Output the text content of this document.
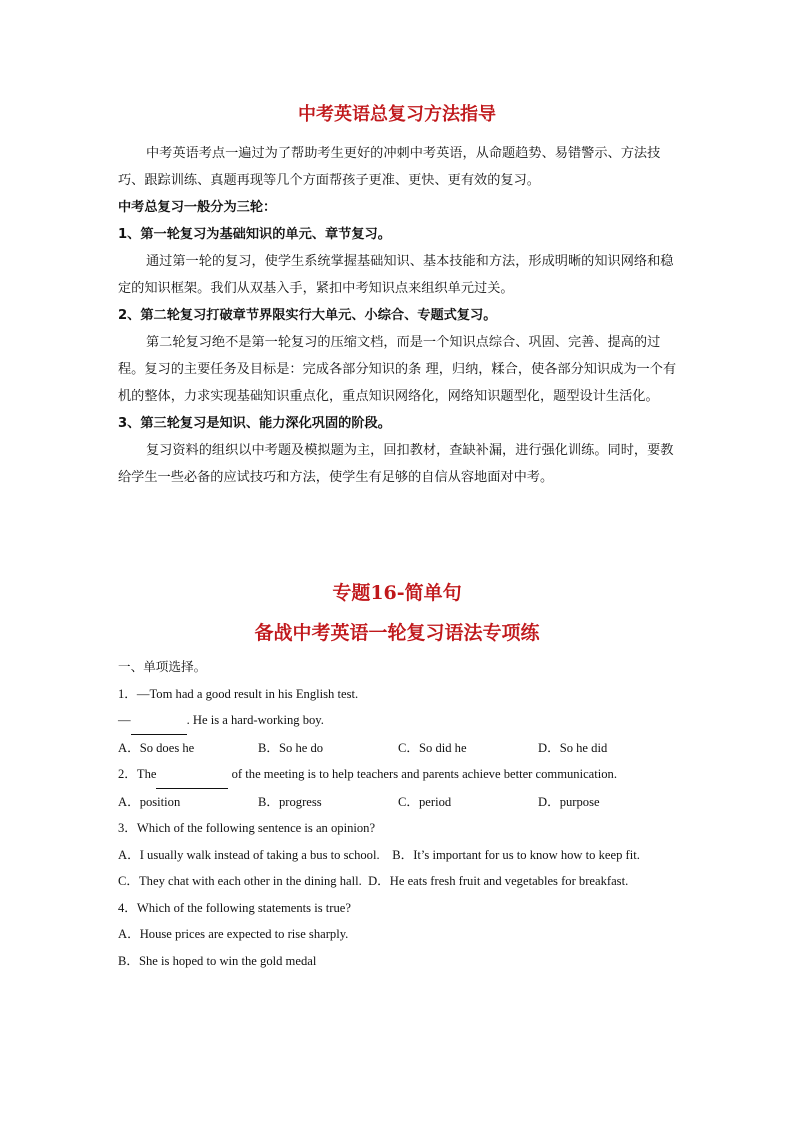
中考英语总复习方法指导

中考英语考点一遍过为了帮助考生更好的冲刺中考英语，从命题趋势、易错警示、方法技巧、跟踪训练、真题再现等几个方面帮孩子更准、更快、更有效的复习。

中考总复习一般分为三轮：

1、第一轮复习为基础知识的单元、章节复习。

通过第一轮的复习，使学生系统掌握基础知识、基本技能和方法，形成明晰的知识网络和稳定的知识框架。我们从双基入手，紧扣中考知识点来组织单元过关。

2、第二轮复习打破章节界限实行大单元、小综合、专题式复习。

第二轮复习绝不是第一轮复习的压缩文档，而是一个知识点综合、巩固、完善、提高的过程。复习的主要任务及目标是：完成各部分知识的条 理，归纳，糅合，使各部分知识成为一个有机的整体，力求实现基础知识重点化，重点知识网络化，网络知识题型化，题型设计生活化。

3、第三轮复习是知识、能力深化巩固的阶段。

复习资料的组织以中考题及模拟题为主，回扣教材，查缺补漏，进行强化训练。同时，要教给学生一些必备的应试技巧和方法，使学生有足够的自信从容地面对中考。

专题16-简单句
备战中考英语一轮复习语法专项练

一、单项选择。

1．—Tom had a good result in his English test.

—	. He is a hard-working boy.

A．So does he	B．So he do	C．So did he	D．So he did

2．The	of the meeting is to help teachers and parents achieve better communication.

A．position	B．progress	C．period	D．purpose

3．Which of the following sentence is an opinion?

A．I usually walk instead of taking a bus to school. B．It’s important for us to know how to keep fit.

C．They chat with each other in the dining hall. D．He eats fresh fruit and vegetables for breakfast.

4．Which of the following statements is true?

A．House prices are expected to rise sharply.

B．She is hoped to win the gold medal
